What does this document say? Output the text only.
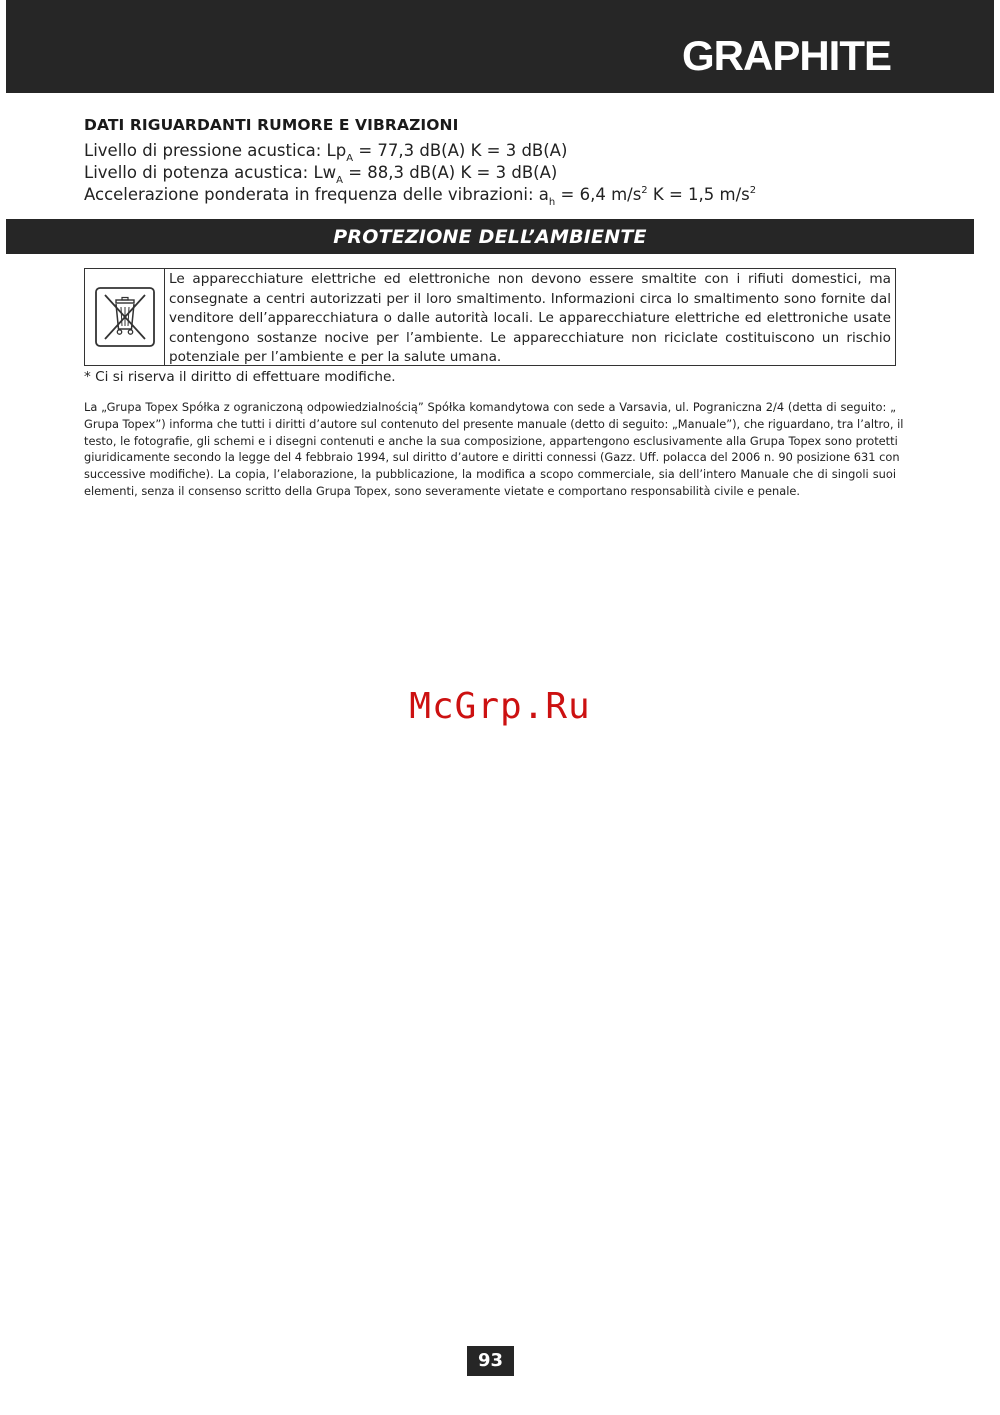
GRAPHITE

DATI RIGUARDANTI RUMORE E VIBRAZIONI

Livello di pressione acustica: $Lp_A = 77,3$ dB(A) K = 3 dB(A)

Livello di potenza acustica: $Lw_A = 88,3$ dB(A) K = 3 dB(A)

Accelerazione ponderata in frequenza delle vibrazioni: $a_h = 6,4$ $m/s^2$ K = 1,5 $m/s^2$

PROTEZIONE DELL’AMBIENTE
Le apparecchiature elettriche ed elettroniche non devono essere smaltite con i rifiuti domestici, ma
consegnate a centri autorizzati per il loro smaltimento. Informazioni circa lo smaltimento sono fornite dal
venditore dell’apparecchiatura o dalle autorità locali. Le apparecchiature elettriche ed elettroniche usate
contengono sostanze nocive per l’ambiente. Le apparecchiature non riciclate costituiscono un rischio
potenziale per l’ambiente e per la salute umana.
* Ci si riserva il diritto di effettuare modifiche.
La „Grupa Topex Spółka z ograniczoną odpowiedzialnością” Spółka komandytowa con sede a Varsavia, ul. Pograniczna 2/4 (detta di seguito: „
Grupa Topex”) informa che tutti i diritti d’autore sul contenuto del presente manuale (detto di seguito: „Manuale”), che riguardano, tra l’altro, il
testo, le fotografie, gli schemi e i disegni contenuti e anche la sua composizione, appartengono esclusivamente alla Grupa Topex sono protetti
giuridicamente secondo la legge del 4 febbraio 1994, sul diritto d’autore e diritti connessi (Gazz. Uff. polacca del 2006 n. 90 posizione 631 con
successive modifiche). La copia, l’elaborazione, la pubblicazione, la modifica a scopo commerciale, sia dell’intero Manuale che di singoli suoi
elementi, senza il consenso scritto della Grupa Topex, sono severamente vietate e comportano responsabilità civile e penale.
McGrp.Ru
93
